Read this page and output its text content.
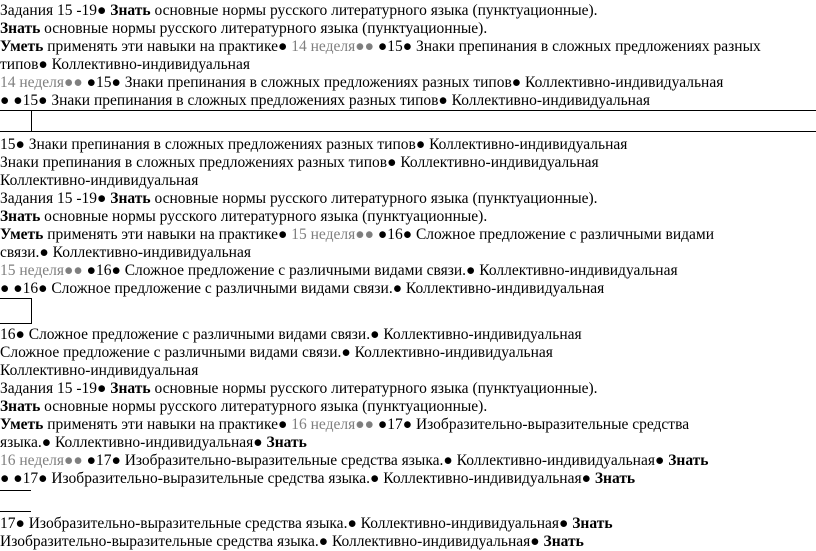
Задания 15 -19● Знать основные нормы русского литературного языка (пунктуационные).
Знать основные нормы русского литературного языка (пунктуационные).
Уметь применять эти навыки на практике● 14 неделя●● ●15● Знаки препинания в сложных предложениях разных
типов● Коллективно-индивидуальная
14 неделя●● ●15● Знаки препинания в сложных предложениях разных типов● Коллективно-индивидуальная
● ●15● Знаки препинания в сложных предложениях разных типов● Коллективно-индивидуальная
15● Знаки препинания в сложных предложениях разных типов● Коллективно-индивидуальная
Знаки препинания в сложных предложениях разных типов● Коллективно-индивидуальная
Коллективно-индивидуальная
Задания 15 -19● Знать основные нормы русского литературного языка (пунктуационные).
Знать основные нормы русского литературного языка (пунктуационные).
Уметь применять эти навыки на практике● 15 неделя●● ●16● Сложное предложение с различными видами
связи.● Коллективно-индивидуальная
15 неделя●● ●16● Сложное предложение с различными видами связи.● Коллективно-индивидуальная
● ●16● Сложное предложение с различными видами связи.● Коллективно-индивидуальная
16● Сложное предложение с различными видами связи.● Коллективно-индивидуальная
Сложное предложение с различными видами связи.● Коллективно-индивидуальная
Коллективно-индивидуальная
Задания 15 -19● Знать основные нормы русского литературного языка (пунктуационные).
Знать основные нормы русского литературного языка (пунктуационные).
Уметь применять эти навыки на практике● 16 неделя●● ●17● Изобразительно-выразительные средства
языка.● Коллективно-индивидуальная● Знать
16 неделя●● ●17● Изобразительно-выразительные средства языка.● Коллективно-индивидуальная● Знать
● ●17● Изобразительно-выразительные средства языка.● Коллективно-индивидуальная● Знать
17● Изобразительно-выразительные средства языка.● Коллективно-индивидуальная● Знать
Изобразительно-выразительные средства языка.● Коллективно-индивидуальная● Знать
